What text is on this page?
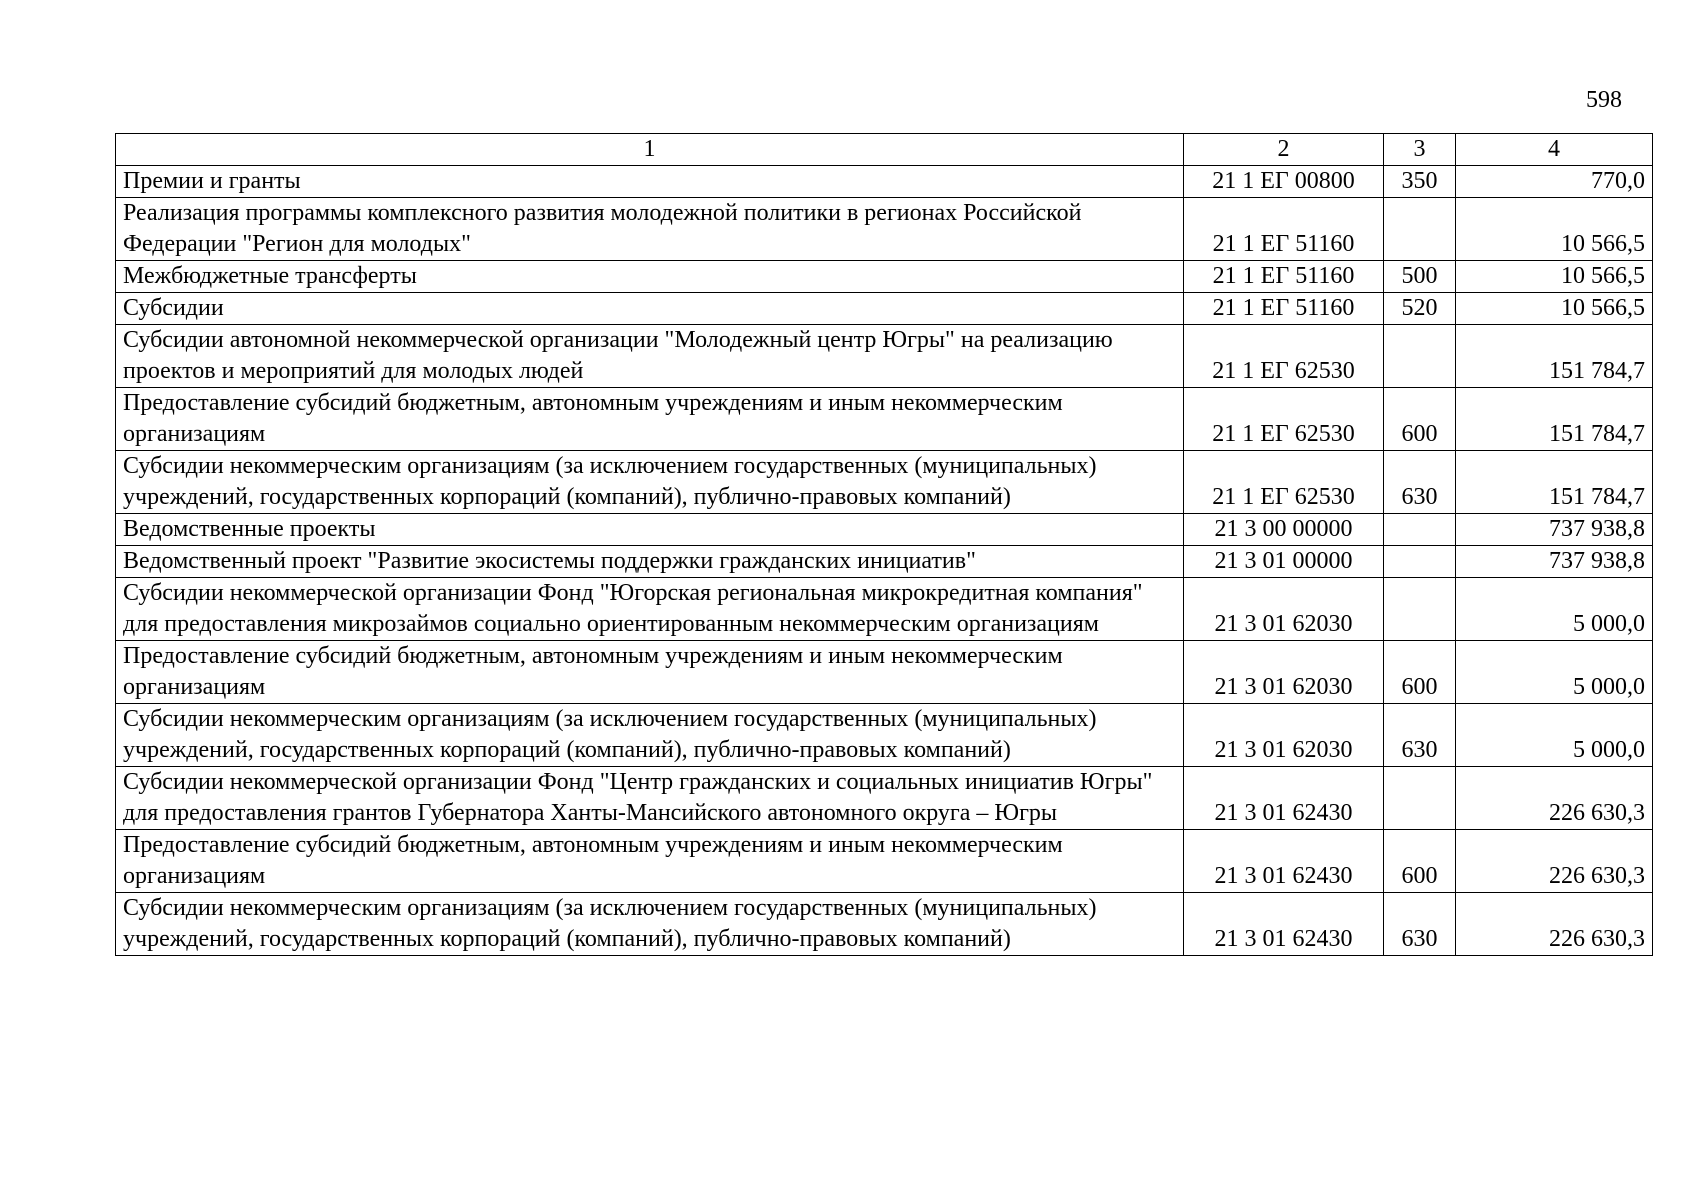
598
1	2	3	4
Премии и гранты	21 1 ЕГ 00800	350	770,0
Реализация программы комплексного развития молодежной политики в регионах Российской Федерации "Регион для молодых"	21 1 ЕГ 51160		10 566,5
Межбюджетные трансферты	21 1 ЕГ 51160	500	10 566,5
Субсидии	21 1 ЕГ 51160	520	10 566,5
Субсидии автономной некоммерческой организации "Молодежный центр Югры" на реализацию проектов и мероприятий для молодых людей	21 1 ЕГ 62530		151 784,7
Предоставление субсидий бюджетным, автономным учреждениям и иным некоммерческим организациям	21 1 ЕГ 62530	600	151 784,7
Субсидии некоммерческим организациям (за исключением государственных (муниципальных) учреждений, государственных корпораций (компаний), публично-правовых компаний)	21 1 ЕГ 62530	630	151 784,7
Ведомственные проекты	21 3 00 00000		737 938,8
Ведомственный проект "Развитие экосистемы поддержки гражданских инициатив"	21 3 01 00000		737 938,8
Субсидии некоммерческой организации Фонд "Югорская региональная микрокредитная компания" для предоставления микрозаймов социально ориентированным некоммерческим организациям	21 3 01 62030		5 000,0
Предоставление субсидий бюджетным, автономным учреждениям и иным некоммерческим организациям	21 3 01 62030	600	5 000,0
Субсидии некоммерческим организациям (за исключением государственных (муниципальных) учреждений, государственных корпораций (компаний), публично-правовых компаний)	21 3 01 62030	630	5 000,0
Субсидии некоммерческой организации Фонд "Центр гражданских и социальных инициатив Югры" для предоставления грантов Губернатора Ханты-Мансийского автономного округа – Югры	21 3 01 62430		226 630,3
Предоставление субсидий бюджетным, автономным учреждениям и иным некоммерческим организациям	21 3 01 62430	600	226 630,3
Субсидии некоммерческим организациям (за исключением государственных (муниципальных) учреждений, государственных корпораций (компаний), публично-правовых компаний)	21 3 01 62430	630	226 630,3
